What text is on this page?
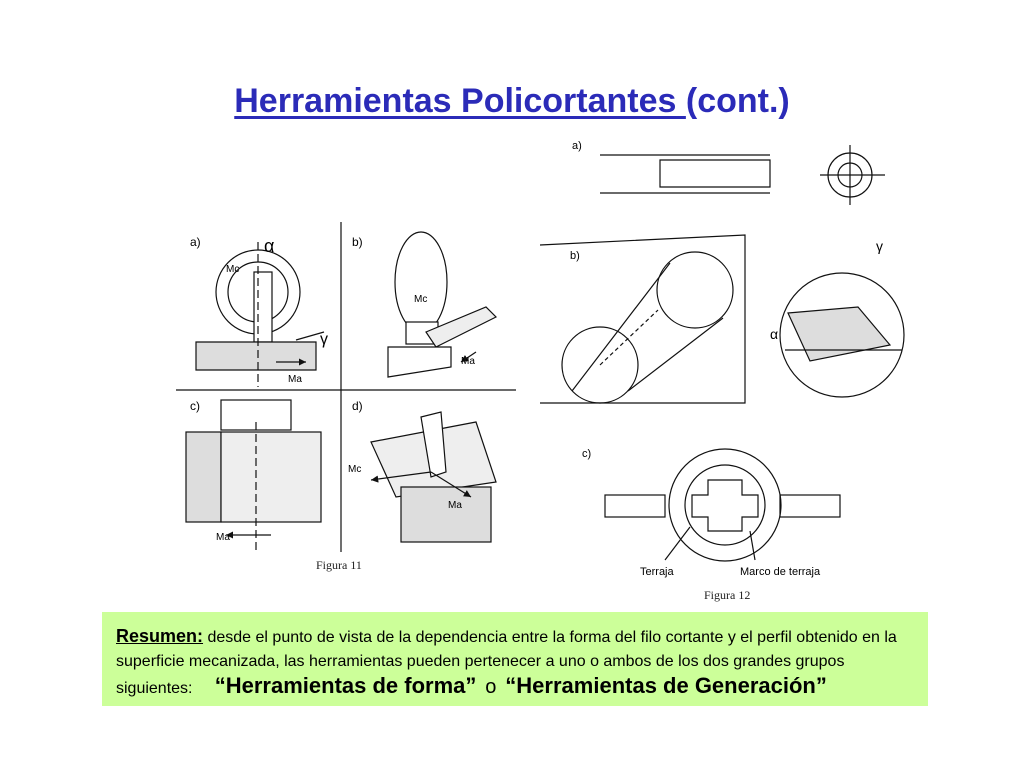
Herramientas Policortantes (cont.)
a)	b)
c)	d)
Mc
Ma
α
γ
Mc
Ma
Ma
Mc
Ma
Figura 11
a)
b)
c)
γ
α
Terraja	Marco de terraja
Figura 12
Resumen: desde el punto de vista de la dependencia entre la forma del filo cortante y el perfil obtenido en la superficie mecanizada, las herramientas pueden pertenecer a uno o ambos de los dos grandes grupos siguientes: “Herramientas de forma” o “Herramientas de Generación”
